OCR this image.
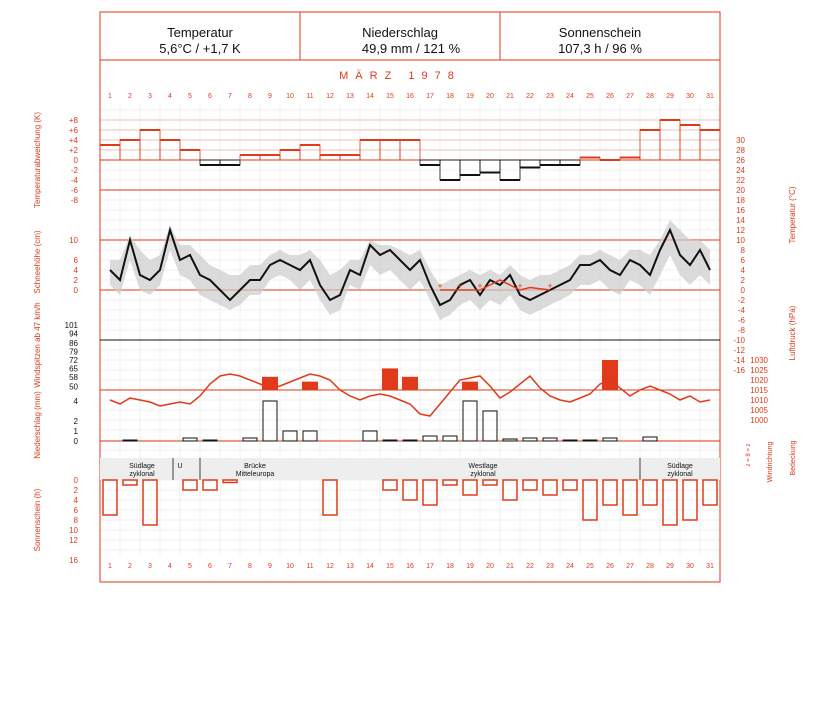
Temperatur
5,6°C / +1,7 K
Niederschlag
49,9 mm / 121 %
Sonnenschein
107,3 h / 96 %
MÄRZ 1978
1 2 3 4 5 6 7 8 9 10 11 12 13 14 15 16 17 18 19 20 21 22 23 24 25 26 27 28 29 30 31
1 2 3 4 5 6 7 8 9 10 11 12 13 14 15 16 17 18 19 20 21 22 23 24 25 26 27 28 29 30 31
+ + +	+	+
+8
+6
+4
+2
0
-2
-4
-6
-8
30
28
26
24
22
20
18
16
14
12
10
8
6
4
2
0
-2
-4
-6
-8
-10
-12
-14
-16
10
6
4
2
0
101
94
86
79
72
65
58
50
1030
1025
1020
1015
1010
1005
1000
4
2
1
0
0
2
4
6
8
10
12
16
Südlage	U	Brücke	Westlage	Südlage
zyklonal	Mitteleuropa	zyklonal	zyklonal
Temperaturabweichung (K)
Schneehöhe (cm)
Windspitzen ab 47 km/h
Niederschlag (mm)
Sonnenschein (h)
Temperatur (°C)
Luftdruck (hPa)
Windrichtung Bedeckung
z = 8 = z
